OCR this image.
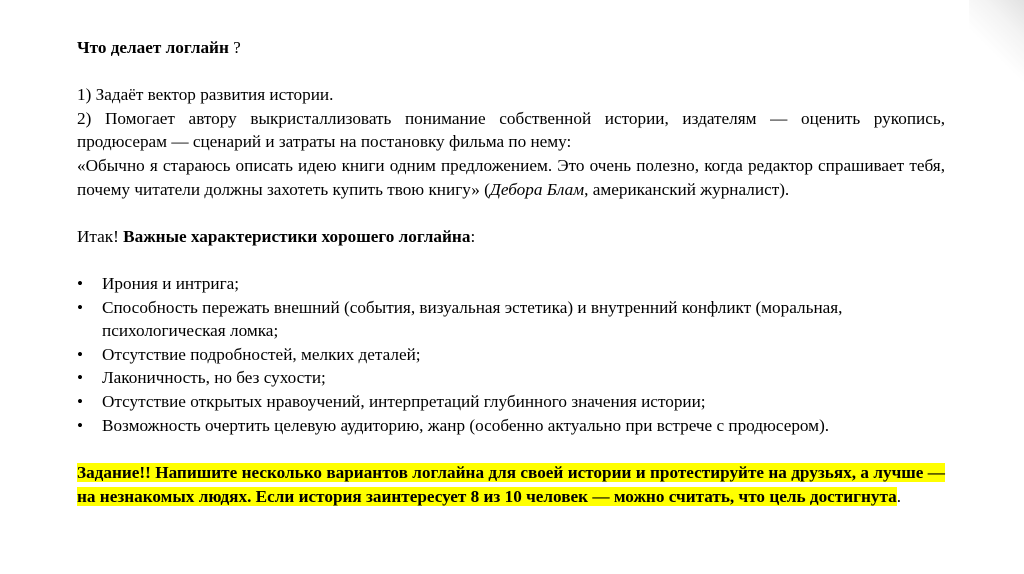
Что делает логлайн ?

1) Задаёт вектор развития истории.

2) Помогает автору выкристаллизовать понимание собственной истории, издателям — оценить рукопись, продюсерам — сценарий и затраты на постановку фильма по нему:

«Обычно я стараюсь описать идею книги одним предложением. Это очень полезно, когда редактор спрашивает тебя, почему читатели должны захотеть купить твою книгу» (Дебора Блам, американский журналист).

Итак! Важные характеристики хорошего логлайна:

• Ирония и интрига;
• Способность пережать внешний (события, визуальная эстетика) и внутренний конфликт (моральная, психологическая ломка;
• Отсутствие подробностей, мелких деталей;
• Лаконичность, но без сухости;
• Отсутствие открытых нравоучений, интерпретаций глубинного значения истории;
• Возможность очертить целевую аудиторию, жанр (особенно актуально при встрече с продюсером).

Задание!! Напишите несколько вариантов логлайна для своей истории и протестируйте на друзьях, а лучше — на незнакомых людях. Если история заинтересует 8 из 10 человек — можно считать, что цель достигнута.
